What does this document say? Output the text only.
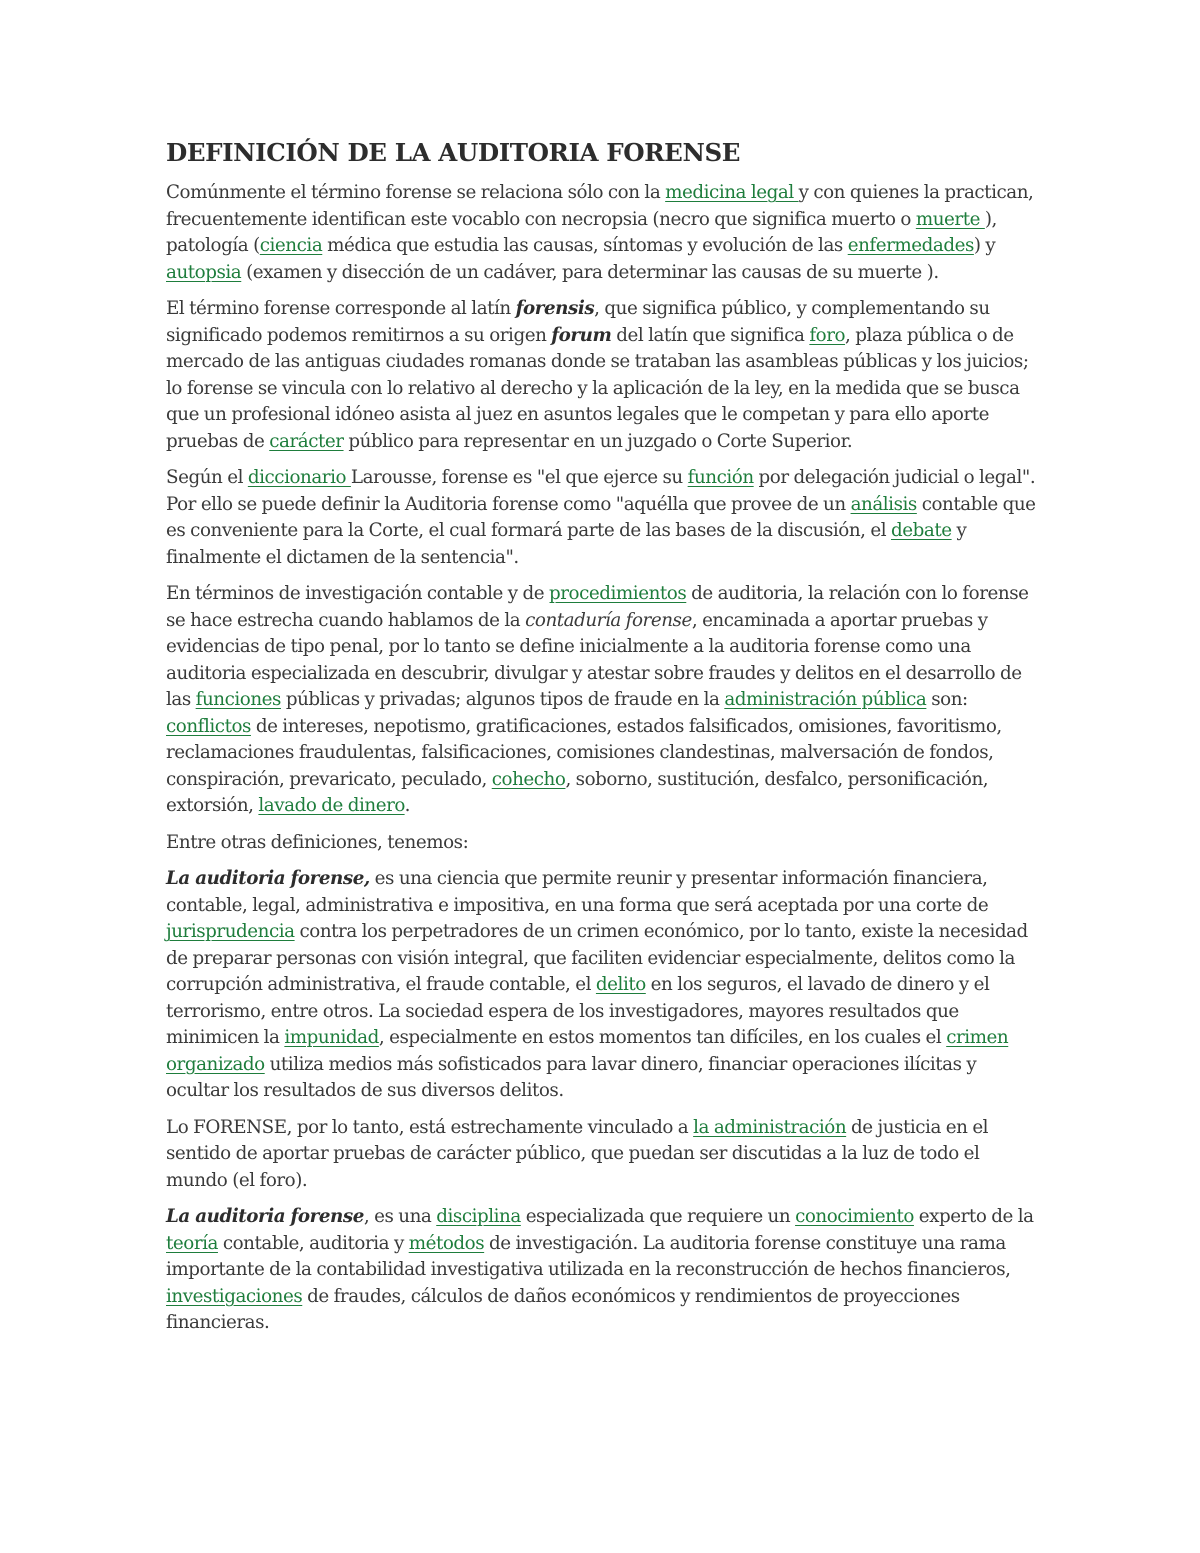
DEFINICIÓN DE LA AUDITORIA FORENSE

Comúnmente el término forense se relaciona sólo con la medicina legal y con quienes la practican, frecuentemente identifican este vocablo con necropsia (necro que significa muerto o muerte ), patología (ciencia médica que estudia las causas, síntomas y evolución de las enfermedades) y autopsia (examen y disección de un cadáver, para determinar las causas de su muerte ).

El término forense corresponde al latín forensis, que significa público, y complementando su significado podemos remitirnos a su origen forum del latín que significa foro, plaza pública o de mercado de las antiguas ciudades romanas donde se trataban las asambleas públicas y los juicios; lo forense se vincula con lo relativo al derecho y la aplicación de la ley, en la medida que se busca que un profesional idóneo asista al juez en asuntos legales que le competan y para ello aporte pruebas de carácter público para representar en un juzgado o Corte Superior.

Según el diccionario Larousse, forense es "el que ejerce su función por delegación judicial o legal". Por ello se puede definir la Auditoria forense como "aquélla que provee de un análisis contable que es conveniente para la Corte, el cual formará parte de las bases de la discusión, el debate y finalmente el dictamen de la sentencia".

En términos de investigación contable y de procedimientos de auditoria, la relación con lo forense se hace estrecha cuando hablamos de la contaduría forense, encaminada a aportar pruebas y evidencias de tipo penal, por lo tanto se define inicialmente a la auditoria forense como una auditoria especializada en descubrir, divulgar y atestar sobre fraudes y delitos en el desarrollo de las funciones públicas y privadas; algunos tipos de fraude en la administración pública son: conflictos de intereses, nepotismo, gratificaciones, estados falsificados, omisiones, favoritismo, reclamaciones fraudulentas, falsificaciones, comisiones clandestinas, malversación de fondos, conspiración, prevaricato, peculado, cohecho, soborno, sustitución, desfalco, personificación, extorsión, lavado de dinero.

Entre otras definiciones, tenemos:

La auditoria forense, es una ciencia que permite reunir y presentar información financiera, contable, legal, administrativa e impositiva, en una forma que será aceptada por una corte de jurisprudencia contra los perpetradores de un crimen económico, por lo tanto, existe la necesidad de preparar personas con visión integral, que faciliten evidenciar especialmente, delitos como la corrupción administrativa, el fraude contable, el delito en los seguros, el lavado de dinero y el terrorismo, entre otros. La sociedad espera de los investigadores, mayores resultados que minimicen la impunidad, especialmente en estos momentos tan difíciles, en los cuales el crimen organizado utiliza medios más sofisticados para lavar dinero, financiar operaciones ilícitas y ocultar los resultados de sus diversos delitos.

Lo FORENSE, por lo tanto, está estrechamente vinculado a la administración de justicia en el sentido de aportar pruebas de carácter público, que puedan ser discutidas a la luz de todo el mundo (el foro).

La auditoria forense, es una disciplina especializada que requiere un conocimiento experto de la teoría contable, auditoria y métodos de investigación. La auditoria forense constituye una rama importante de la contabilidad investigativa utilizada en la reconstrucción de hechos financieros, investigaciones de fraudes, cálculos de daños económicos y rendimientos de proyecciones financieras.
